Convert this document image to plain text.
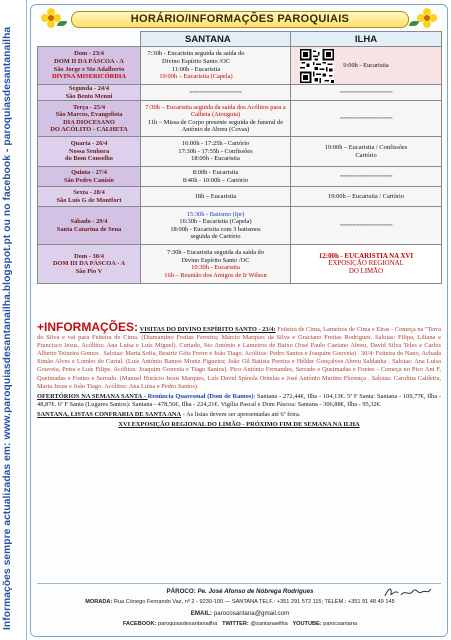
Informações sempre actualizadas em: www.paroquiasdesantanailha.blogspot.pt ou no facebook - paroquiasdesantanailha
HORÁRIO/INFORMAÇÕES PAROQUIAIS
	SANTANA	ILHA

Dom - 23/4
DOM II DA PÁSCOA - A
São Jorge e Sto Adalberto
DIVINA MISERICÓRDIA	7:30h - Eucaristia seguida da saída do
Divino Espírito Santo /OC
11:00h - Eucaristia
19:00h – Eucaristia (Capela)	9:00h - Eucaristia

Segunda - 24/4
São Bento Menni	================	================

Terça - 25/4
São Marcos, Evangelista
DIA DIOCESANO
DO ACÓLITO - CALHETA	7:30h – Eucaristia seguida da saída dos Acólitos para a Calheta (Atouguia)
11h – Missa de Corpo presente seguida de funeral de António de Abreu (Covas)	================

Quarta - 26/4
Nossa Senhora
do Bom Conselho	16:00h - 17:25h - Cartório
17:30h - 17:55h - Confissões
18:00h - Eucaristia	19:00h – Eucaristia / Confissões
Cartório

Quinta - 27/4
São Pedro Canísio	8:00h - Eucaristia
8:40h - 10:00h – Cartório	================

Sexta - 28/4
São Luís G de Montfort	18h – Eucaristia	19:00h – Eucaristia / Cartório

Sábado - 29/4
Santa Catarina de Sena	15:30h - Batismo (Ipr)
16:30h - Eucaristia (Capela)
18:00h - Eucaristia com 3 batismos
seguida de Cartório	================

Dom - 30/4
DOM III DA PÁSCOA - A
São Pio V	7:30h - Eucaristia seguida da saída do
Divino Espírito Santo /OC
10:30h - Eucaristia
16h – Reunião dos Amigos de Ir Wilson	12:00h - EUCARISTIA NA XVI
EXPOSIÇÃO REGIONAL
DO LIMÃO

+INFORMAÇÕES: VISITAS DO DIVINO ESPÍRITO SANTO - 23/4: Feiteira de Cima, Lameiros de Cima e Eiras - Começa na "Terra do Silva e vai para Feiteira de Cima. (Diamantino Freitas Ferreira; Márcio Marques da Silva e Graciano Freitas Rodrigues. Saloias: Filipa, Liliana e Francisco Jesus. Acólitos: Ana Luísa e Luís Miguel). Curtado, Sto António e Lameiros de Baixo (José Paulo Caetano Abreu, David Silva Teles e Carlos Alberto Teixeira Gomes . Saloias: Marta Sofia, Beatriz Góis Freire e João Tiago. Acólitos: Pedro Santos e Joaquim Gouveia) . 30/4: Feiteira do Nano, Achada Simão Alves e Lombo do Curral. (Luís António Ramos Moniz Figueira; João Gil Batista Pereira e Hélder Gonçalves Abreu Saldanha . Saloias: Ana Luisa Gouveia, Petra e Luís Filipe. Acólitos: Joaquim Gouveia e Tiago Santos). Pico António Fernandes, Serrado e Queimadas e Fontes - Começa no Pico Ant F, Queimadas e Fontes e Serrado. (Manuel Horácio Jesus Marques, Luís David Spínola Ornelas e José António Martins Florença . Saloias: Carolina Caldeira, Marta Jesus e João Tiago. Acólitos: Ana Luisa e Pedro Santos).

OFERTÓRIOS NA SEMANA SANTA - Renúncia Quaresmal (Dom de Ramos): Santana - 272,44€, Ilha - 104,13€. 5ª F Santa: Santana - 109,77€, Ilha - 48,87€. 6ª F Santa (Lugares Santos): Santana - 478,56€, Ilha - 224,21€. Vigília Pascal e Dom Páscoa: Santana - 306,88€, Ilha - 95,32€.

SANTANA, LISTAS CONFRARIA DE SANTA ANA - As listas devem ser apresentadas até 6ª feira.

XVI EXPOSIÇÃO REGIONAL DO LIMÃO - PRÓXIMO FIM DE SEMANA NA ILHA

PÁROCO: Pe. José Afonso de Nóbrega Rodrigues
MORADA: Rua Cónego Fernando Vaz, nº 2 - 9230-100 — SANTANA TELF.: +351 291 572 115; TELEM.: +351 91 48 49 145
EMAIL: parocosantana@gmail.com
FACEBOOK: paroquiasdesantanailha TWITTER: @santanaeilha YOUTUBE: parocsantana
